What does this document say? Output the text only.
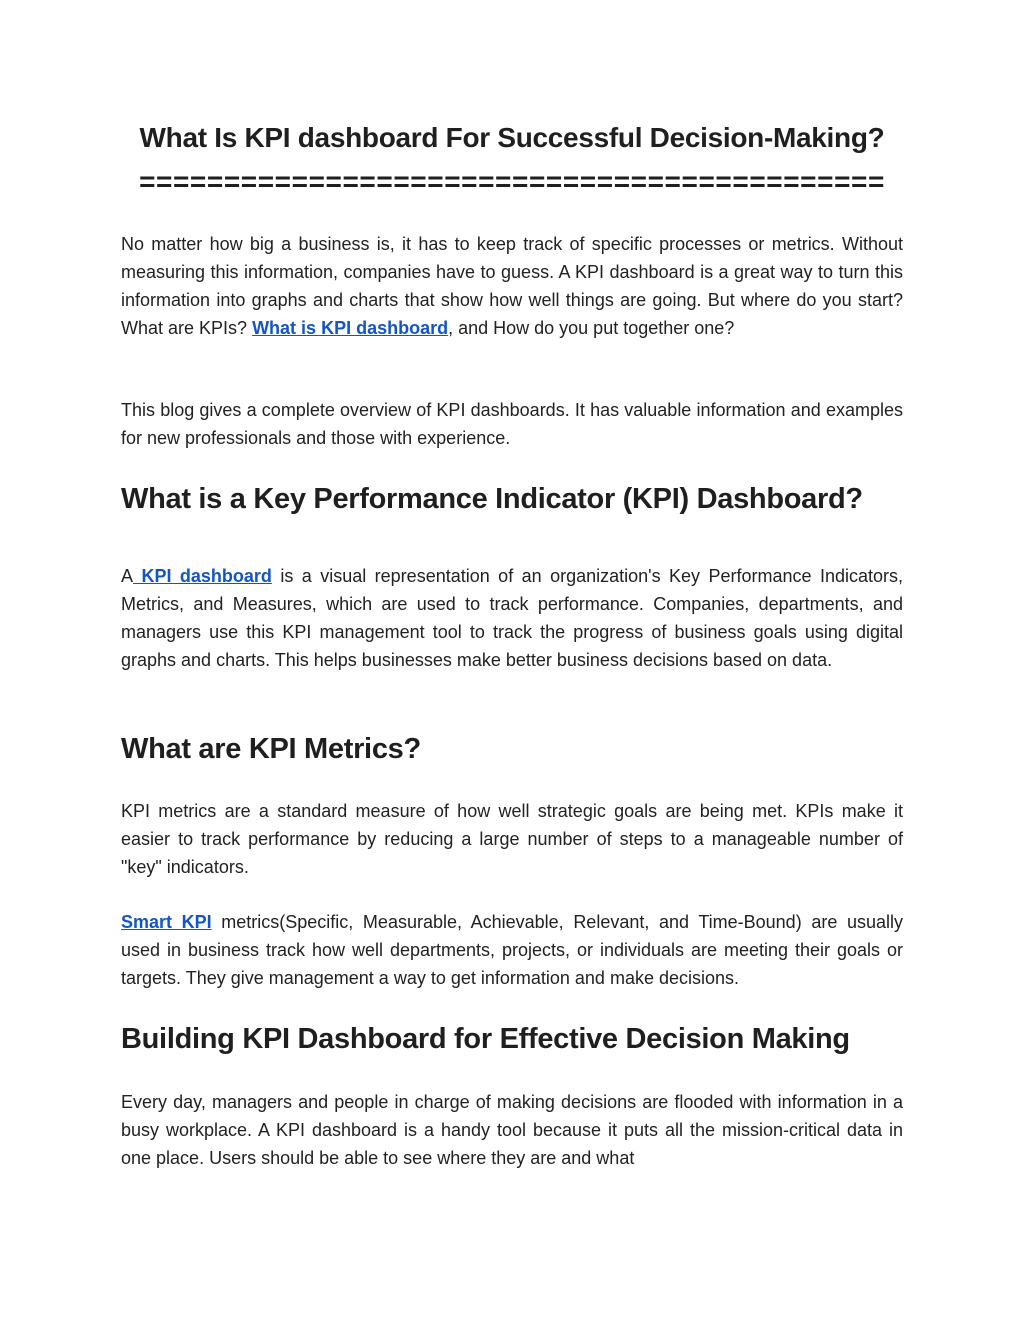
What Is KPI dashboard For Successful Decision-Making?
============================================

No matter how big a business is, it has to keep track of specific processes or metrics. Without measuring this information, companies have to guess. A KPI dashboard is a great way to turn this information into graphs and charts that show how well things are going. But where do you start? What are KPIs? What is KPI dashboard, and How do you put together one?

This blog gives a complete overview of KPI dashboards. It has valuable information and examples for new professionals and those with experience.

What is a Key Performance Indicator (KPI) Dashboard?

A KPI dashboard is a visual representation of an organization's Key Performance Indicators, Metrics, and Measures, which are used to track performance. Companies, departments, and managers use this KPI management tool to track the progress of business goals using digital graphs and charts. This helps businesses make better business decisions based on data.

What are KPI Metrics?

KPI metrics are a standard measure of how well strategic goals are being met. KPIs make it easier to track performance by reducing a large number of steps to a manageable number of "key" indicators.

Smart KPI metrics(Specific, Measurable, Achievable, Relevant, and Time-Bound) are usually used in business track how well departments, projects, or individuals are meeting their goals or targets. They give management a way to get information and make decisions.

Building KPI Dashboard for Effective Decision Making

Every day, managers and people in charge of making decisions are flooded with information in a busy workplace. A KPI dashboard is a handy tool because it puts all the mission-critical data in one place. Users should be able to see where they are and what
